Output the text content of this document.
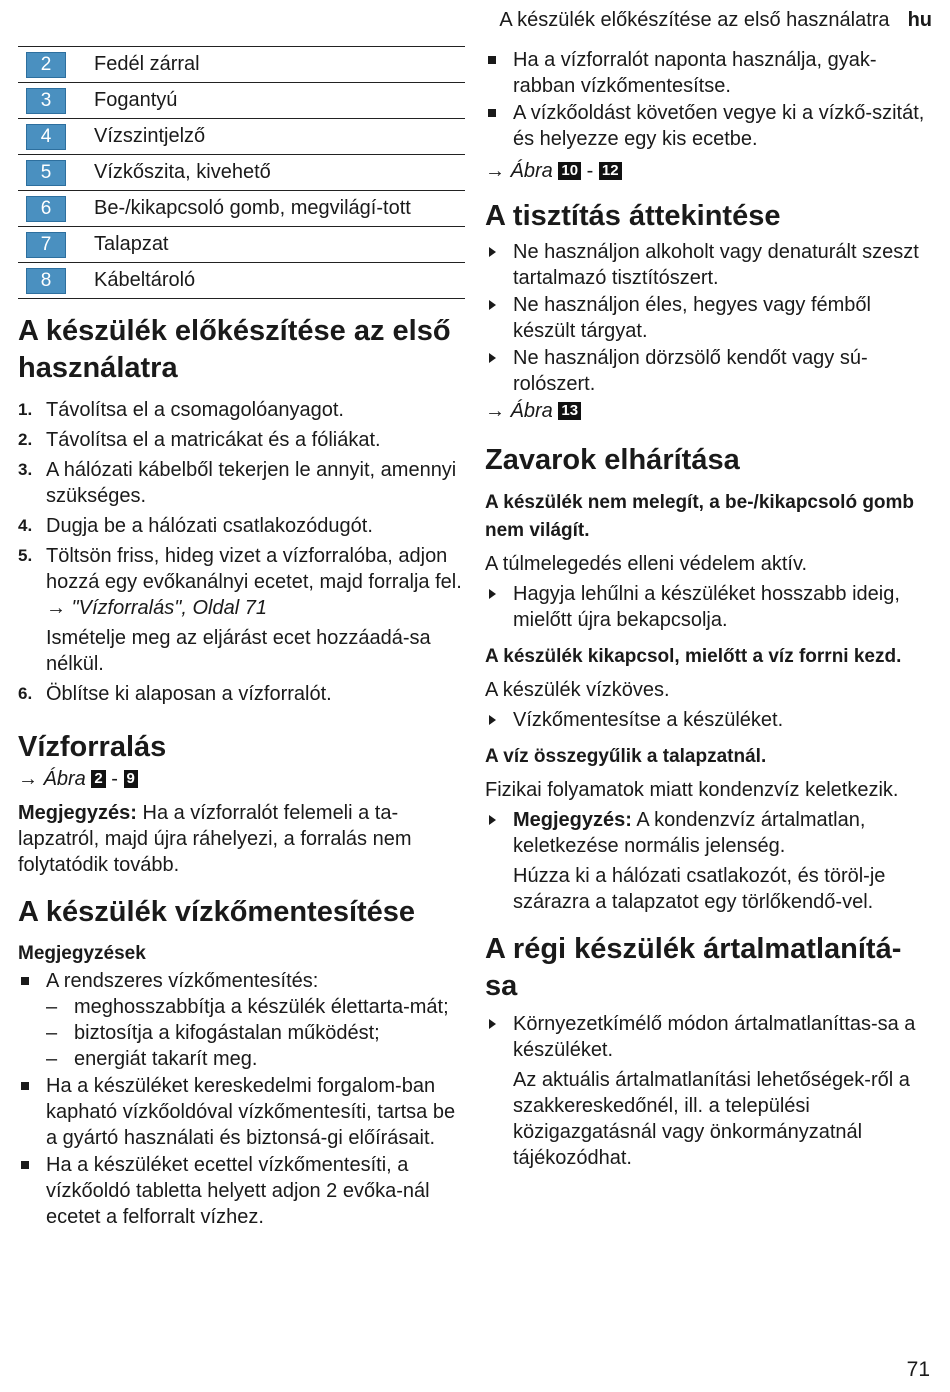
A készülék előkészítése az első használatra hu
2	Fedél zárral
3	Fogantyú
4	Vízszintjelző
5	Vízkőszita, kivehető
6	Be-/kikapcsoló gomb, megvilágí-tott
7	Talapzat
8	Kábeltároló
A készülék előkészítése az első használatra
1. Távolítsa el a csomagolóanyagot.
2. Távolítsa el a matricákat és a fóliákat.
3. A hálózati kábelből tekerjen le annyit, amennyi szükséges.
4. Dugja be a hálózati csatlakozódugót.
5. Töltsön friss, hideg vizet a vízforralóba, adjon hozzá egy evőkanálnyi ecetet, majd forralja fel.
→ "Vízforralás", Oldal 71
Ismételje meg az eljárást ecet hozzáadá-sa nélkül.
6. Öblítse ki alaposan a vízforralót.
Vízforralás
→ Ábra 2 - 9

Megjegyzés: Ha a vízforralót felemeli a ta-lapzatról, majd újra ráhelyezi, a forralás nem folytatódik tovább.

A készülék vízkőmentesítése
Megjegyzések
A rendszeres vízkőmentesítés:
– meghosszabbítja a készülék élettarta-mát;
– biztosítja a kifogástalan működést;
– energiát takarít meg.
Ha a készüléket kereskedelmi forgalom-ban kapható vízkőoldóval vízkőmentesíti, tartsa be a gyártó használati és biztonsá-gi előírásait.
Ha a készüléket ecettel vízkőmentesíti, a vízkőoldó tabletta helyett adjon 2 evőka-nál ecetet a felforralt vízhez.
Ha a vízforralót naponta használja, gyak-rabban vízkőmentesítse.
A vízkőoldást követően vegye ki a vízkő-szitát, és helyezze egy kis ecetbe.
→ Ábra 10 - 12
A tisztítás áttekintése
Ne használjon alkoholt vagy denaturált szeszt tartalmazó tisztítószert.
Ne használjon éles, hegyes vagy fémből készült tárgyat.
Ne használjon dörzsölő kendőt vagy sú-rolószert.
→ Ábra 13
Zavarok elhárítása
A készülék nem melegít, a be-/kikapcsoló gomb nem világít.

A túlmelegedés elleni védelem aktív.

Hagyja lehűlni a készüléket hosszabb ideig, mielőtt újra bekapcsolja.
A készülék kikapcsol, mielőtt a víz forrni kezd.

A készülék vízköves.

Vízkőmentesítse a készüléket.
A víz összegyűlik a talapzatnál.

Fizikai folyamatok miatt kondenzvíz keletkezik.

Megjegyzés: A kondenzvíz ártalmatlan, keletkezése normális jelenség.
Húzza ki a hálózati csatlakozót, és töröl-je szárazra a talapzatot egy törlőkendő-vel.
A régi készülék ártalmatlanítá-sa
Környezetkímélő módon ártalmatlaníttas-sa a készüléket.
Az aktuális ártalmatlanítási lehetőségek-ről a szakkereskedőnél, ill. a települési közigazgatásnál vagy önkormányzatnál tájékozódhat.
71
